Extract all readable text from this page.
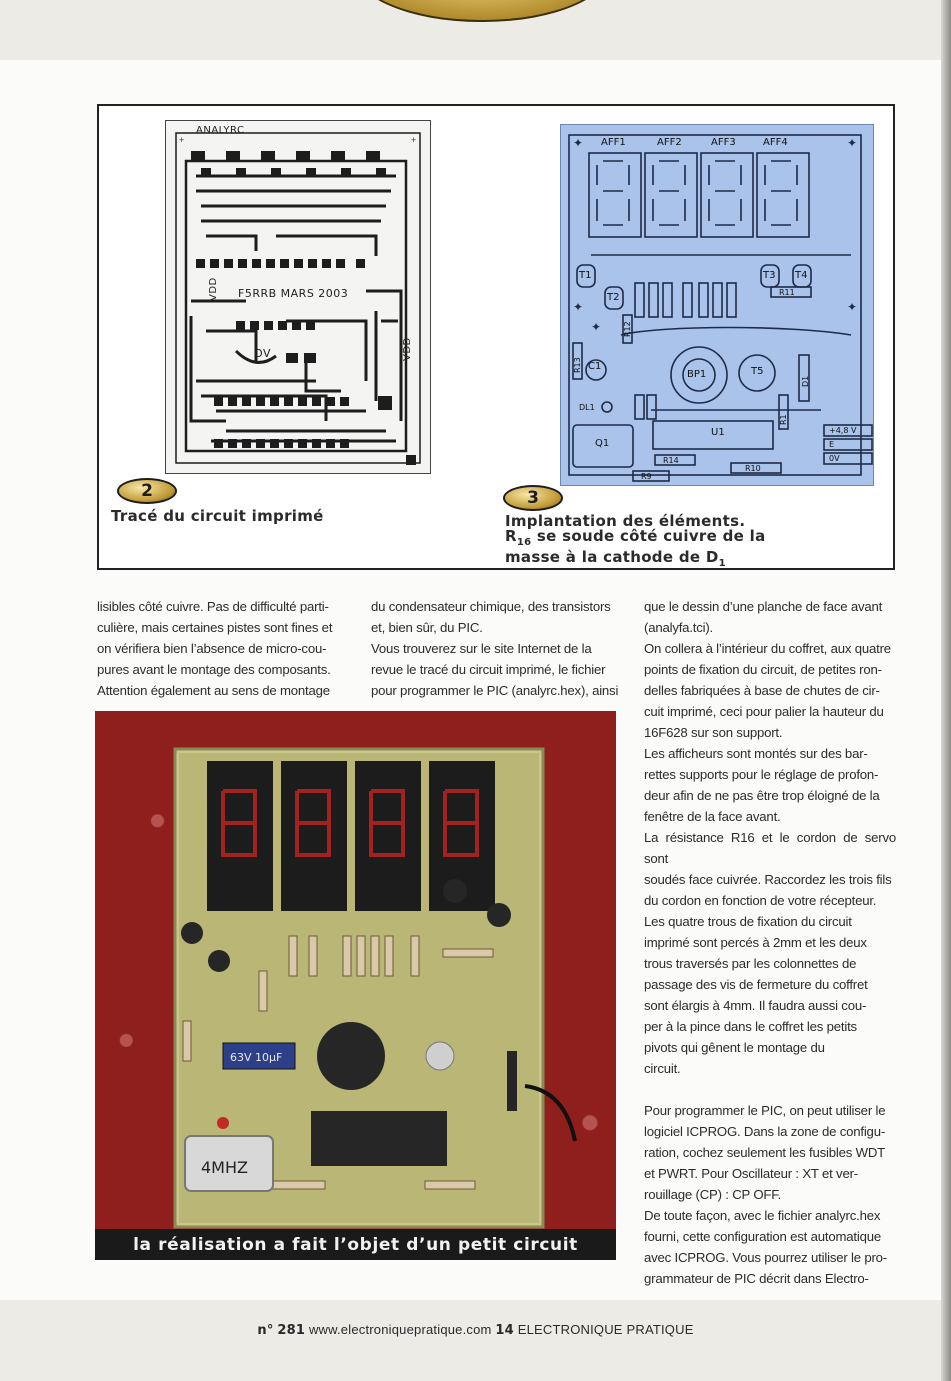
+
+
ANALYRC
F5RRB MARS 2003
VDD
VDD
OV
✦	✦
✦	✦
✦
AFF1	AFF2	AFF3	AFF4
T1
T2
T3 T4
T5
R11
R12
R13
R14
R9
R10
R1
C1
BP1
U1
Q1
DL1
D1
+4,8 V
E
0V
2
Tracé du circuit imprimé
3
Implantation des éléments.
$R_{16}$ se soude côté cuivre de la
masse à la cathode de $D_1$

lisibles côté cuivre. Pas de difficulté parti-

culière, mais certaines pistes sont fines et

on vérifiera bien l’absence de micro-cou-

pures avant le montage des composants.

Attention également au sens de montage

du condensateur chimique, des transistors

et, bien sûr, du PIC.

Vous trouverez sur le site Internet de la

revue le tracé du circuit imprimé, le fichier

pour programmer le PIC (analyrc.hex), ainsi

que le dessin d’une planche de face avant

(analyfa.tci).

On collera à l’intérieur du coffret, aux quatre

points de fixation du circuit, de petites ron-

delles fabriquées à base de chutes de cir-

cuit imprimé, ceci pour palier la hauteur du

16F628 sur son support.

Les afficheurs sont montés sur des bar-

rettes supports pour le réglage de profon-

deur afin de ne pas être trop éloigné de la

fenêtre de la face avant.

La résistance R16 et le cordon de servo sont

soudés face cuivrée. Raccordez les trois fils

du cordon en fonction de votre récepteur.

Les quatre trous de fixation du circuit

imprimé sont percés à 2mm et les deux

trous traversés par les colonnettes de

passage des vis de fermeture du coffret

sont élargis à 4mm. Il faudra aussi cou-

per à la pince dans le coffret les petits

pivots qui gênent le montage du

circuit.

Pour programmer le PIC, on peut utiliser le

logiciel ICPROG. Dans la zone de configu-

ration, cochez seulement les fusibles WDT

et PWRT. Pour Oscillateur : XT et ver-

rouillage (CP) : CP OFF.

De toute façon, avec le fichier analyrc.hex

fourni, cette configuration est automatique

avec ICPROG. Vous pourrez utiliser le pro-

grammateur de PIC décrit dans Electro-

63V 10µF
4MHZ
la réalisation a fait l’objet d’un petit circuit
n° 281 www.electroniquepratique.com 14 ELECTRONIQUE PRATIQUE
